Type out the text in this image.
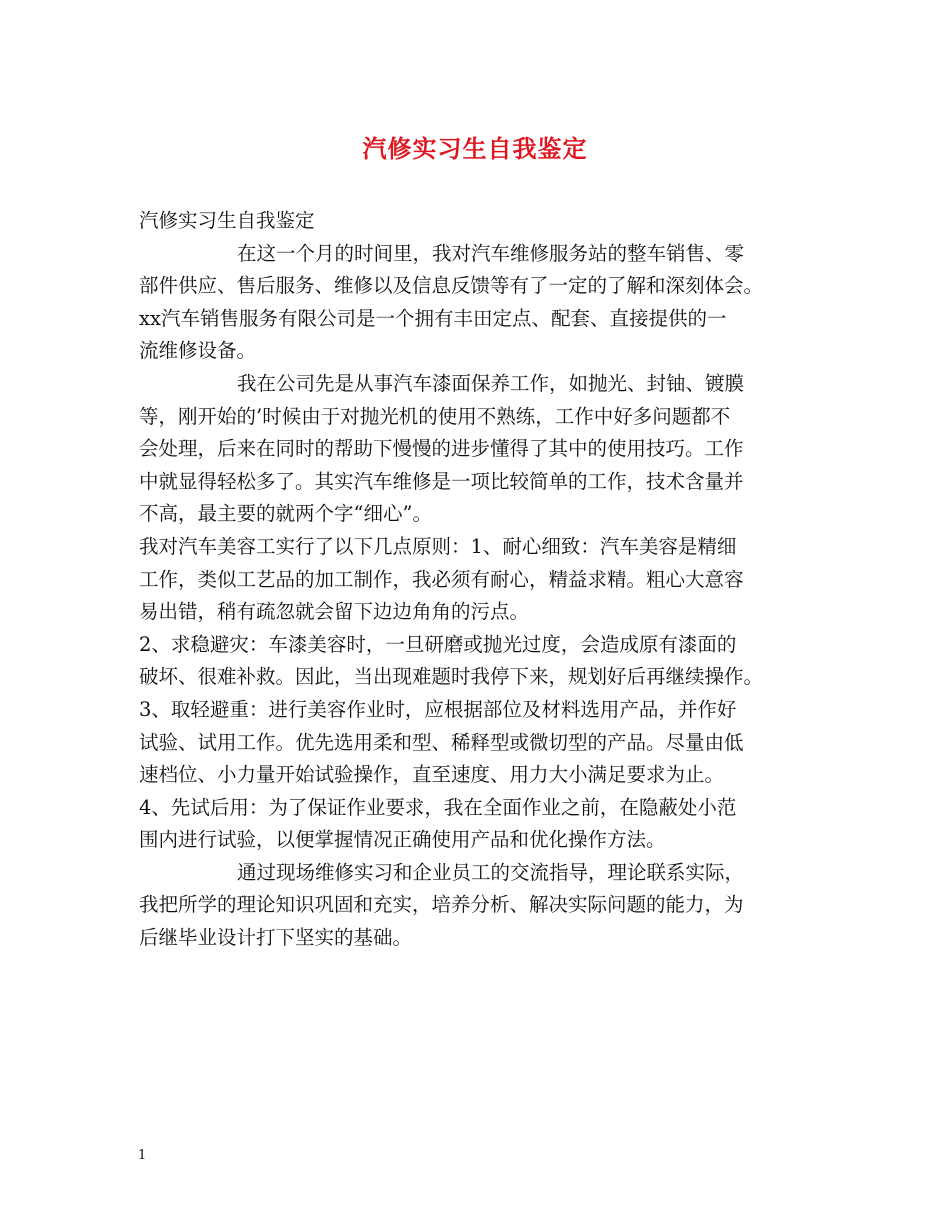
汽修实习生自我鉴定
汽修实习生自我鉴定
在这一个月的时间里，我对汽车维修服务站的整车销售、零
部件供应、售后服务、维修以及信息反馈等有了一定的了解和深刻体会。
xx汽车销售服务有限公司是一个拥有丰田定点、配套、直接提供的一
流维修设备。
我在公司先是从事汽车漆面保养工作，如抛光、封铀、镀膜
等，刚开始的’时候由于对抛光机的使用不熟练，工作中好多问题都不
会处理，后来在同时的帮助下慢慢的进步懂得了其中的使用技巧。工作
中就显得轻松多了。其实汽车维修是一项比较简单的工作，技术含量并
不高，最主要的就两个字“细心”。
我对汽车美容工实行了以下几点原则：1、耐心细致：汽车美容是精细
工作，类似工艺品的加工制作，我必须有耐心，精益求精。粗心大意容
易出错，稍有疏忽就会留下边边角角的污点。
2、求稳避灾：车漆美容时，一旦研磨或抛光过度，会造成原有漆面的
破坏、很难补救。因此，当出现难题时我停下来，规划好后再继续操作。
3、取轻避重：进行美容作业时，应根据部位及材料选用产品，并作好
试验、试用工作。优先选用柔和型、稀释型或微切型的产品。尽量由低
速档位、小力量开始试验操作，直至速度、用力大小满足要求为止。
4、先试后用：为了保证作业要求，我在全面作业之前，在隐蔽处小范
围内进行试验，以便掌握情况正确使用产品和优化操作方法。
通过现场维修实习和企业员工的交流指导，理论联系实际，
我把所学的理论知识巩固和充实，培养分析、解决实际问题的能力，为
后继毕业设计打下坚实的基础。
1
